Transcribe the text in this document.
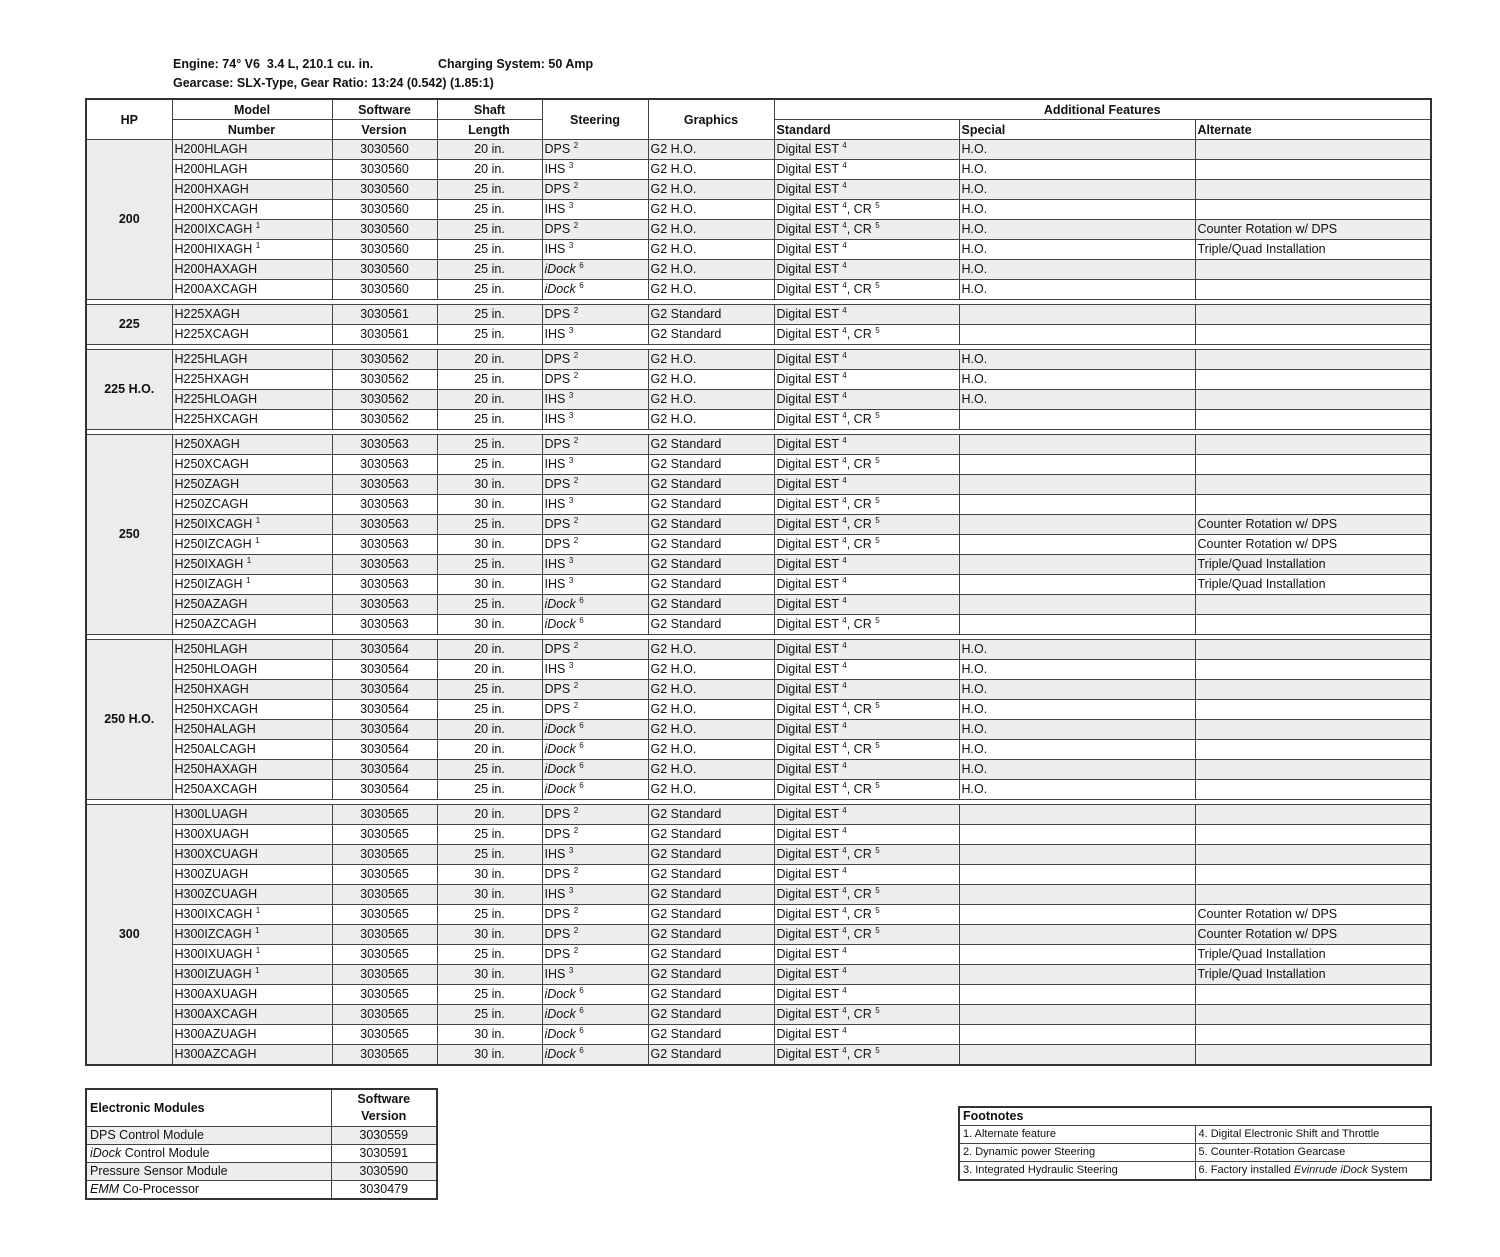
Engine: 74° V6  3.4 L, 210.1 cu. in.	Charging System: 50 Amp
Gearcase: SLX-Type, Gear Ratio: 13:24 (0.542) (1.85:1)
HP	Model	Software	Shaft	Steering	Graphics	Additional Features		
	Number	Version	Length			Standard	Special	Alternate
200	H200HLAGH	3030560	20 in.	DPS $^2$	G2 H.O.	Digital EST $^4$	H.O.	
	H200HLAGH	3030560	20 in.	IHS $^3$	G2 H.O.	Digital EST $^4$	H.O.	
	H200HXAGH	3030560	25 in.	DPS $^2$	G2 H.O.	Digital EST $^4$	H.O.	
	H200HXCAGH	3030560	25 in.	IHS $^3$	G2 H.O.	Digital EST $^4$, CR $^5$	H.O.	
	H200IXCAGH $^1$	3030560	25 in.	DPS $^2$	G2 H.O.	Digital EST $^4$, CR $^5$	H.O.	Counter Rotation w/ DPS
	H200HIXAGH $^1$	3030560	25 in.	IHS $^3$	G2 H.O.	Digital EST $^4$	H.O.	Triple/Quad Installation
	H200HAXAGH	3030560	25 in.	iDock $^6$	G2 H.O.	Digital EST $^4$	H.O.	
	H200AXCAGH	3030560	25 in.	iDock $^6$	G2 H.O.	Digital EST $^4$, CR $^5$	H.O.	

225	H225XAGH	3030561	25 in.	DPS $^2$	G2 Standard	Digital EST $^4$		
	H225XCAGH	3030561	25 in.	IHS $^3$	G2 Standard	Digital EST $^4$, CR $^5$		

225 H.O.	H225HLAGH	3030562	20 in.	DPS $^2$	G2 H.O.	Digital EST $^4$	H.O.	
	H225HXAGH	3030562	25 in.	DPS $^2$	G2 H.O.	Digital EST $^4$	H.O.	
	H225HLOAGH	3030562	20 in.	IHS $^3$	G2 H.O.	Digital EST $^4$	H.O.	
	H225HXCAGH	3030562	25 in.	IHS $^3$	G2 H.O.	Digital EST $^4$, CR $^5$		

250	H250XAGH	3030563	25 in.	DPS $^2$	G2 Standard	Digital EST $^4$		
	H250XCAGH	3030563	25 in.	IHS $^3$	G2 Standard	Digital EST $^4$, CR $^5$		
	H250ZAGH	3030563	30 in.	DPS $^2$	G2 Standard	Digital EST $^4$		
	H250ZCAGH	3030563	30 in.	IHS $^3$	G2 Standard	Digital EST $^4$, CR $^5$		
	H250IXCAGH $^1$	3030563	25 in.	DPS $^2$	G2 Standard	Digital EST $^4$, CR $^5$		Counter Rotation w/ DPS
	H250IZCAGH $^1$	3030563	30 in.	DPS $^2$	G2 Standard	Digital EST $^4$, CR $^5$		Counter Rotation w/ DPS
	H250IXAGH $^1$	3030563	25 in.	IHS $^3$	G2 Standard	Digital EST $^4$		Triple/Quad Installation
	H250IZAGH $^1$	3030563	30 in.	IHS $^3$	G2 Standard	Digital EST $^4$		Triple/Quad Installation
	H250AZAGH	3030563	25 in.	iDock $^6$	G2 Standard	Digital EST $^4$		
	H250AZCAGH	3030563	30 in.	iDock $^6$	G2 Standard	Digital EST $^4$, CR $^5$		

250 H.O.	H250HLAGH	3030564	20 in.	DPS $^2$	G2 H.O.	Digital EST $^4$	H.O.	
	H250HLOAGH	3030564	20 in.	IHS $^3$	G2 H.O.	Digital EST $^4$	H.O.	
	H250HXAGH	3030564	25 in.	DPS $^2$	G2 H.O.	Digital EST $^4$	H.O.	
	H250HXCAGH	3030564	25 in.	DPS $^2$	G2 H.O.	Digital EST $^4$, CR $^5$	H.O.	
	H250HALAGH	3030564	20 in.	iDock $^6$	G2 H.O.	Digital EST $^4$	H.O.	
	H250ALCAGH	3030564	20 in.	iDock $^6$	G2 H.O.	Digital EST $^4$, CR $^5$	H.O.	
	H250HAXAGH	3030564	25 in.	iDock $^6$	G2 H.O.	Digital EST $^4$	H.O.	
	H250AXCAGH	3030564	25 in.	iDock $^6$	G2 H.O.	Digital EST $^4$, CR $^5$	H.O.	

300	H300LUAGH	3030565	20 in.	DPS $^2$	G2 Standard	Digital EST $^4$		
	H300XUAGH	3030565	25 in.	DPS $^2$	G2 Standard	Digital EST $^4$		
	H300XCUAGH	3030565	25 in.	IHS $^3$	G2 Standard	Digital EST $^4$, CR $^5$		
	H300ZUAGH	3030565	30 in.	DPS $^2$	G2 Standard	Digital EST $^4$		
	H300ZCUAGH	3030565	30 in.	IHS $^3$	G2 Standard	Digital EST $^4$, CR $^5$		
	H300IXCAGH $^1$	3030565	25 in.	DPS $^2$	G2 Standard	Digital EST $^4$, CR $^5$		Counter Rotation w/ DPS
	H300IZCAGH $^1$	3030565	30 in.	DPS $^2$	G2 Standard	Digital EST $^4$, CR $^5$		Counter Rotation w/ DPS
	H300IXUAGH $^1$	3030565	25 in.	DPS $^2$	G2 Standard	Digital EST $^4$		Triple/Quad Installation
	H300IZUAGH $^1$	3030565	30 in.	IHS $^3$	G2 Standard	Digital EST $^4$		Triple/Quad Installation
	H300AXUAGH	3030565	25 in.	iDock $^6$	G2 Standard	Digital EST $^4$		
	H300AXCAGH	3030565	25 in.	iDock $^6$	G2 Standard	Digital EST $^4$, CR $^5$		
	H300AZUAGH	3030565	30 in.	iDock $^6$	G2 Standard	Digital EST $^4$		
	H300AZCAGH	3030565	30 in.	iDock $^6$	G2 Standard	Digital EST $^4$, CR $^5$		
Electronic Modules	Software
Version
DPS Control Module	3030559
iDock Control Module	3030591
Pressure Sensor Module	3030590
EMM Co-Processor	3030479
Footnotes	
1. Alternate feature	4. Digital Electronic Shift and Throttle
2. Dynamic power Steering	5. Counter-Rotation Gearcase
3. Integrated Hydraulic Steering	6. Factory installed Evinrude iDock System
